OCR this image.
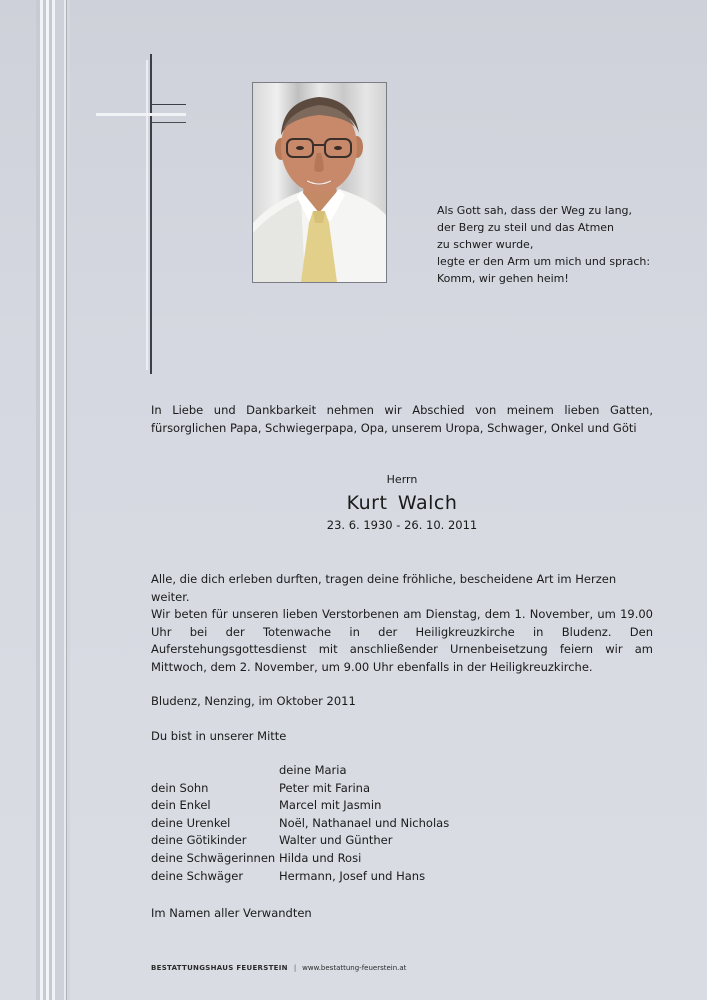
Als Gott sah, dass der Weg zu lang,
der Berg zu steil und das Atmen
zu schwer wurde,
legte er den Arm um mich und sprach:
Komm, wir gehen heim!
In Liebe und Dankbarkeit nehmen wir Abschied von meinem lieben Gatten, fürsorglichen Papa, Schwiegerpapa, Opa, unserem Uropa, Schwager, Onkel und Göti
Herrn
Kurt Walch
23. 6. 1930 - 26. 10. 2011
Alle, die dich erleben durften, tragen deine fröhliche, bescheidene Art im Herzen weiter.
Wir beten für unseren lieben Verstorbenen am Dienstag, dem 1. November, um 19.00 Uhr bei der Totenwache in der Heiligkreuzkirche in Bludenz. Den Auferstehungsgottesdienst mit anschließender Urnenbeisetzung feiern wir am Mittwoch, dem 2. November, um 9.00 Uhr ebenfalls in der Heiligkreuzkirche.
Bludenz, Nenzing, im Oktober 2011
Du bist in unserer Mitte
	deine Maria
dein Sohn	Peter mit Farina
dein Enkel	Marcel mit Jasmin
deine Urenkel	Noël, Nathanael und Nicholas
deine Götikinder	Walter und Günther
deine Schwägerinnen	Hilda und Rosi
deine Schwäger	Hermann, Josef und Hans
Im Namen aller Verwandten
BESTATTUNGSHAUS FEUERSTEIN | www.bestattung-feuerstein.at
